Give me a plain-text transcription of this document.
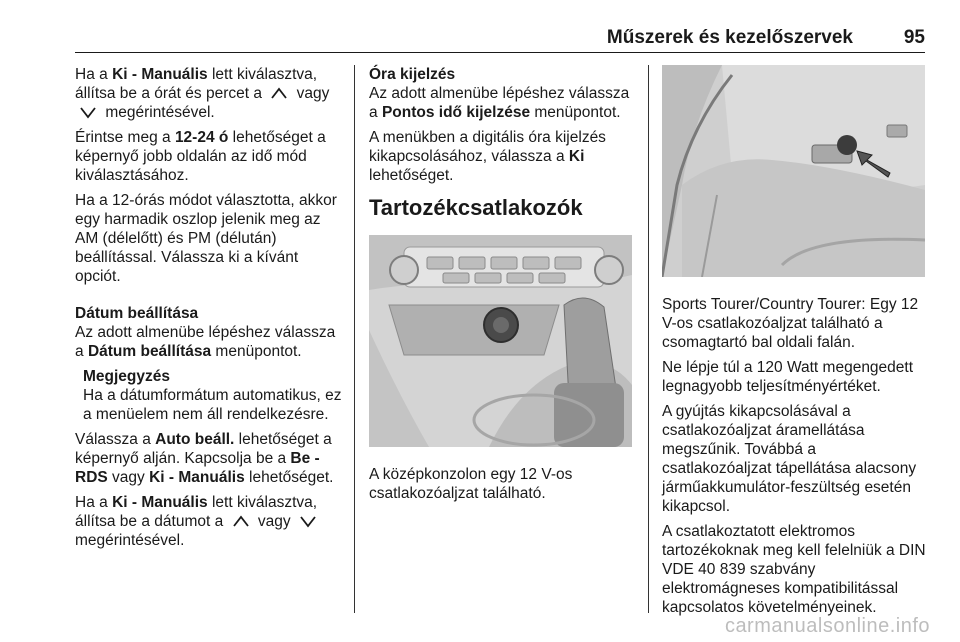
Műszerek és kezelőszervek	95

Ha a Ki - Manuális lett kiválasztva, állítsa be a órát és percet a  vagy  megérintésével.

Érintse meg a 12-24 ó lehetőséget a képernyő jobb oldalán az idő mód kiválasztásához.

Ha a 12-órás módot választotta, akkor egy harmadik oszlop jelenik meg az AM (délelőtt) és PM (délután) beállítással. Válassza ki a kívánt opciót.

Dátum beállítása

Az adott almenübe lépéshez válassza a Dátum beállítása menüpontot.

Megjegyzés

Ha a dátumformátum automatikus, ez a menüelem nem áll rendelkezésre.

Válassza a Auto beáll. lehetőséget a képernyő alján. Kapcsolja be a Be - RDS vagy Ki - Manuális lehetőséget.

Ha a Ki - Manuális lett kiválasztva, állítsa be a dátumot a  vagy  megérintésével.

Óra kijelzés

Az adott almenübe lépéshez válassza a Pontos idő kijelzése menüpontot.

A menükben a digitális óra kijelzés kikapcsolásához, válassza a Ki lehetőséget.

Tartozékcsatlakozók

A középkonzolon egy 12 V-os csatlakozóaljzat található.

Sports Tourer/Country Tourer: Egy 12 V-os csatlakozóaljzat található a csomagtartó bal oldali falán.

Ne lépje túl a 120 Watt megengedett legnagyobb teljesítményértéket.

A gyújtás kikapcsolásával a csatlakozóaljzat áramellátása megszűnik. Továbbá a csatlakozóaljzat tápellátása alacsony járműakkumulátor-feszültség esetén kikapcsol.

A csatlakoztatott elektromos tartozékoknak meg kell felelniük a DIN VDE 40 839 szabvány elektromágneses kompatibilitással kapcsolatos követelményeinek.

carmanualsonline.info
